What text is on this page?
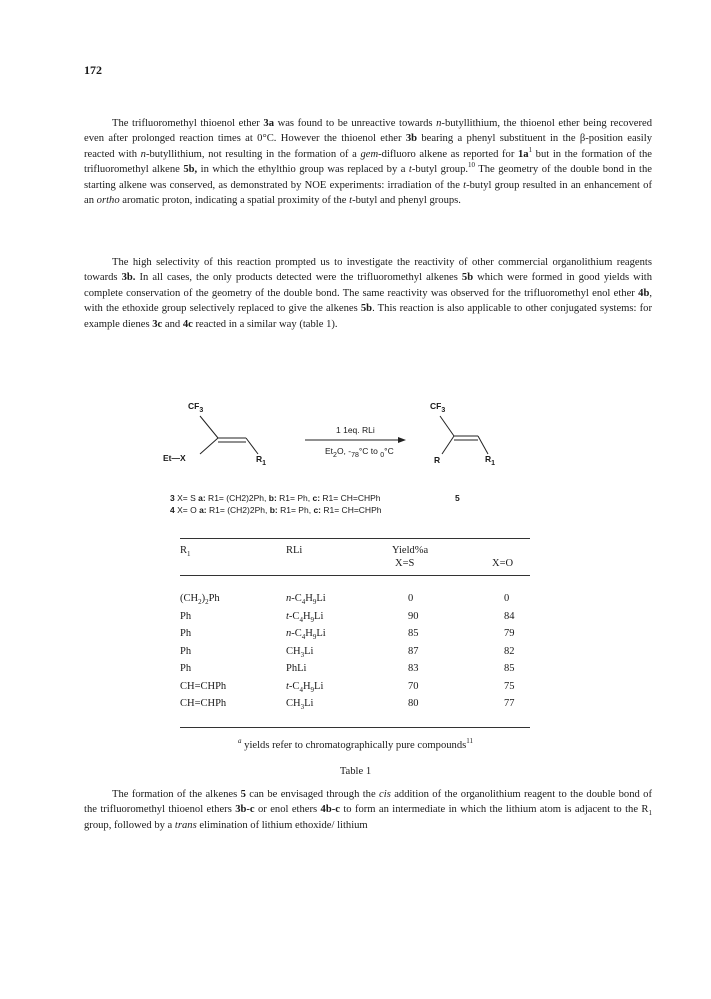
172
The trifluoromethyl thioenol ether 3a was found to be unreactive towards n-butyllithium, the thioenol ether being recovered even after prolonged reaction times at 0°C. However the thioenol ether 3b bearing a phenyl substituent in the β-position easily reacted with n-butyllithium, not resulting in the formation of a gem-difluoro alkene as reported for $1a^1$ but in the formation of the trifluoromethyl alkene 5b, in which the ethylthio group was replaced by a t-butyl group.$^{10}$ The geometry of the double bond in the starting alkene was conserved, as demonstrated by NOE experiments: irradiation of the t-butyl group resulted in an enhancement of an ortho aromatic proton, indicating a spatial proximity of the t-butyl and phenyl groups.
The high selectivity of this reaction prompted us to investigate the reactivity of other commercial organolithium reagents towards 3b. In all cases, the only products detected were the trifluoromethyl alkenes 5b which were formed in good yields with complete conservation of the geometry of the double bond. The same reactivity was observed for the trifluoromethyl enol ether 4b, with the ethoxide group selectively replaced to give the alkenes 5b. This reaction is also applicable to other conjugated systems: for example dienes 3c and 4c reacted in a similar way (table 1).
$CF_3$
Et—X	$R_1$
1 1eq. RLi
$Et_2O$, $-_{78}^\circ C$ to $_0$°C
$CF_3$
R	$R_1$
3 X= S a: R1= (CH2)2Ph, b: R1= Ph, c: R1= CH=CHPh	5
4 X= O a: R1= (CH2)2Ph, b: R1= Ph, c: R1= CH=CHPh
$R_1$	RLi	Yield%a
X=S	X=O
$(CH_2)_2Ph$	n- $C_4H_9Li$	0	0
Ph	t- $C_4H_9Li$	90	84
Ph	n- $C_4H_9Li$	85	79
Ph	$CH_3Li$	87	82
Ph	PhLi	83	85
CH=CHPh	t- $C_4H_9Li$	70	75
CH=CHPh	$CH_3Li$	80	77
$^a$ yields refer to chromatographically pure compounds$^{11}$
Table 1
The formation of the alkenes 5 can be envisaged through the cis addition of the organolithium reagent to the double bond of the trifluoromethyl thioenol ethers 3b-c or enol ethers 4b-c to form an intermediate in which the lithium atom is adjacent to the $R_1$ group, followed by a trans elimination of lithium ethoxide/ lithium
